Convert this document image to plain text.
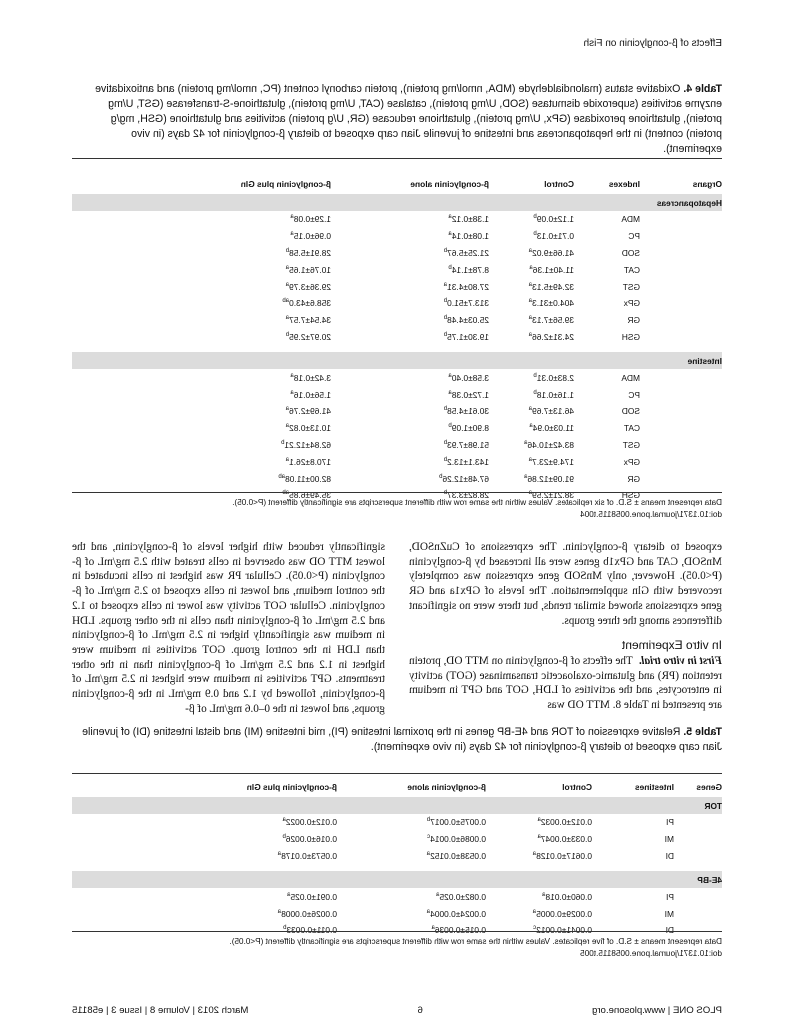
Effects of β-conglycinin on Fish
Table 4. Oxidative status (malondialdehyde (MDA, nmol/mg protein), protein carbonyl content (PC, nmol/mg protein) and antioxidative enzyme activities (superoxide dismutase (SOD, U/mg protein), catalase (CAT, U/mg protein), glutathione-S-transferase (GST, U/mg protein), glutathione peroxidase (GPx, U/mg protein), glutathione reducase (GR, U/g protein) activities and glutathione (GSH, mg/g protein) content) in the hepatopancreas and intestine of juvenile Jian carp exposed to dietary β-conglycinin for 42 days (in vivo experiment).
Organs	Indexes	Control	β-conglycinin alone	β-conglycinin plus Gln
Hepatopancreas				
	MDA	1.12±0.09$^b$	1.38±0.12$^a$	1.29±0.08$^a$
	PC	0.71±0.13$^b$	1.08±0.14$^a$	0.96±0.15$^a$
	SOD	41.66±9.02$^a$	21.25±5.67$^b$	28.91±5.58$^b$
	CAT	11.40±1.36$^a$	8.78±1.14$^b$	10.76±1.65$^a$
	GST	32.49±5.13$^a$	27.80±4.31$^a$	29.36±3.79$^a$
	GPx	404.0±31.3$^a$	313.7±51.0$^b$	358.6±43.0$^{ab}$
	GR	39.56±7.13$^a$	25.03±4.48$^b$	34.54±7.57$^a$
	GSH	24.31±2.66$^a$	19.30±1.75$^b$	20.97±2.95$^b$

Intestine				
	MDA	2.83±0.31$^b$	3.58±0.40$^a$	3.42±0.18$^a$
	PC	1.16±0.18$^b$	1.72±0.38$^a$	1.56±0.16$^a$
	SOD	46.13±7.69$^a$	30.61±4.58$^b$	41.69±2.76$^a$
	CAT	11.03±0.94$^a$	8.90±1.09$^b$	10.13±0.82$^a$
	GST	83.42±10.46$^a$	51.98±7.93$^b$	62.84±12.21$^b$
	GPx	174.9±23.7$^a$	143.1±13.2$^b$	170.8±26.1$^a$
	GR	91.09±12.86$^a$	67.48±12.26$^b$	82.00±11.08$^{ab}$
	GSH	38.21±2.59$^a$	28.82±3.37$^b$	35.49±6.85$^{ab}$
Data represent means ± S.D. of six replicates. Values within the same row with different superscripts are significantly different (P<0.05).
doi:10.1371/journal.pone.0058115.t004

exposed to dietary β-conglycinin. The expressions of CuZnSOD, MnSOD, CAT and GPx1b genes were all increased by β-conglycinin (P<0.05). However, only MnSOD gene expression was completely recovered with Gln supplementation. The levels of GPx1a and GR gene expressions showed similar trends, but there were no significant differences among the three groups.

In vitro Experiment

First in vitro trial.  The effects of β-conglycinin on MTT OD, protein retention (PR) and glutamic-oxaloacetic transaminase (GOT) activity in enterocytes, and the activities of LDH, GOT and GPT in medium are presented in Table 8. MTT OD was

significantly reduced with higher levels of β-conglycinin, and the lowest MTT OD was observed in cells treated with 2.5 mg/mL of β-conglycinin (P<0.05). Cellular PR was highest in cells incubated in the control medium, and lowest in cells exposed to 2.5 mg/mL of β-conglycinin. Cellular GOT activity was lower in cells exposed to 1.2 and 2.5 mg/mL of β-conglycinin than cells in the other groups. LDH in medium was significantly higher in 2.5 mg/mL of β-conglycinin than LDH in the control group. GOT activities in medium were highest in 1.2 and 2.5 mg/mL of β-conglycinin than in the other treatments. GPT activities in medium were highest in 2.5 mg/mL of β-conglycinin, followed by 1.2 and 0.9 mg/mL in the β-conglycinin groups, and lowest in the 0–0.6 mg/mL of β-

Table 5. Relative expression of TOR and 4E-BP genes in the proximal intestine (PI), mid intestine (MI) and distal intestine (DI) of juvenile Jian carp exposed to dietary β-conglycinin for 42 days (in vivo experiment).
Genes	Intestines	Control	β-conglycinin alone	β-conglycinin plus Gln
TOR				
	PI	0.012±0.0032$^a$	0.0075±0.0017$^b$	0.012±0.0022$^a$
	MI	0.033±0.0047$^a$	0.0086±0.0014$^c$	0.016±0.0026$^b$
	DI	0.0617±0.0128$^a$	0.0538±0.0152$^a$	0.0573±0.0178$^a$

4E-BP				
	PI	0.060±0.018$^a$	0.082±0.025$^a$	0.091±0.025$^a$
	MI	0.0029±0.0005$^a$	0.0024±0.0004$^a$	0.0026±0.0008$^a$
	DI	0.0041±0.0012$^c$	0.015±0.0036$^a$	0.011±0.0033$^b$
Data represent means ± S.D. of five replicates. Values within the same row with different superscripts are significantly different (P<0.05).
doi:10.1371/journal.pone.0058115.t005
PLOS ONE | www.plosone.org
6
March 2013 | Volume 8 | Issue 3 | e58115
